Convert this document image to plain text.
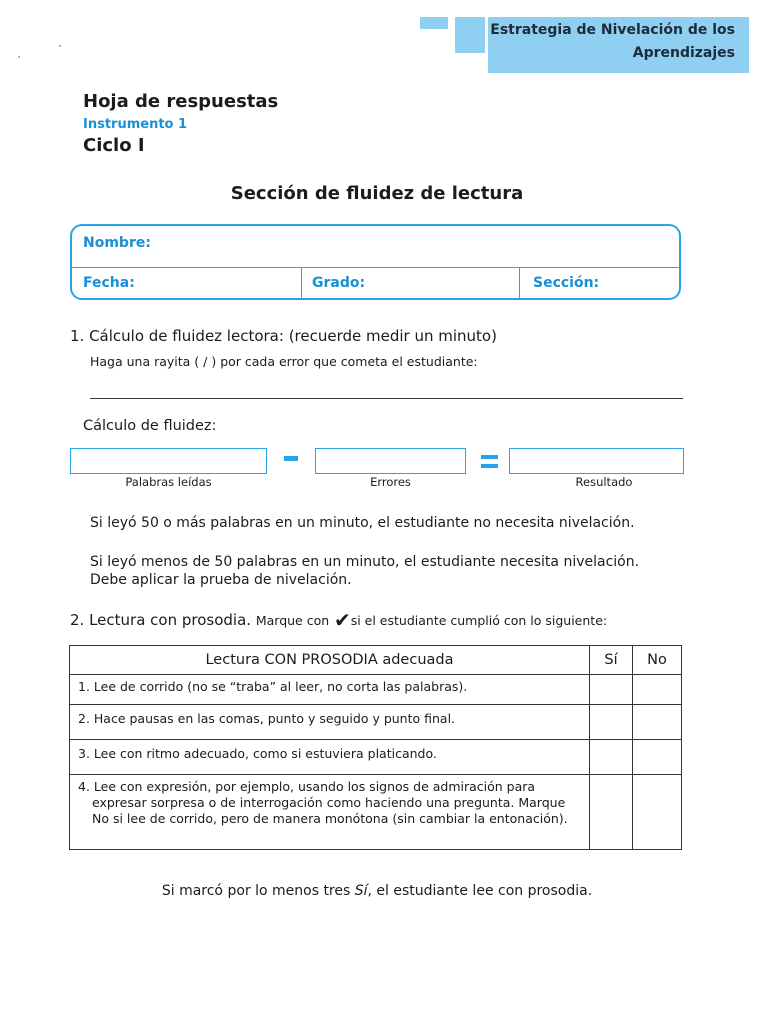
Estrategia de Nivelación de los
Aprendizajes
Hoja de respuestas
Instrumento 1
Ciclo I
Sección de fluidez de lectura
Nombre:
Fecha:	Grado:	Sección:
1. Cálculo de fluidez lectora: (recuerde medir un minuto)
Haga una rayita ( / ) por cada error que cometa el estudiante:
Cálculo de fluidez:
Palabras leídas	Errores	Resultado
Si leyó 50 o más palabras en un minuto, el estudiante no necesita nivelación.
Si leyó menos de 50 palabras en un minuto, el estudiante necesita nivelación.
Debe aplicar la prueba de nivelación.
2. Lectura con prosodia. Marque con ✔si el estudiante cumplió con lo siguiente:
Lectura CON PROSODIA adecuada	Sí	No

1. Lee de corrido (no se “traba” al leer, no corta las palabras).		

2. Hace pausas en las comas, punto y seguido y punto final.		

3. Lee con ritmo adecuado, como si estuviera platicando.		

4. Lee con expresión, por ejemplo, usando los signos de admiración para expresar sorpresa o de interrogación como haciendo una pregunta. Marque No si lee de corrido, pero de manera monótona (sin cambiar la entonación).		

Si marcó por lo menos tres Sí, el estudiante lee con prosodia.
